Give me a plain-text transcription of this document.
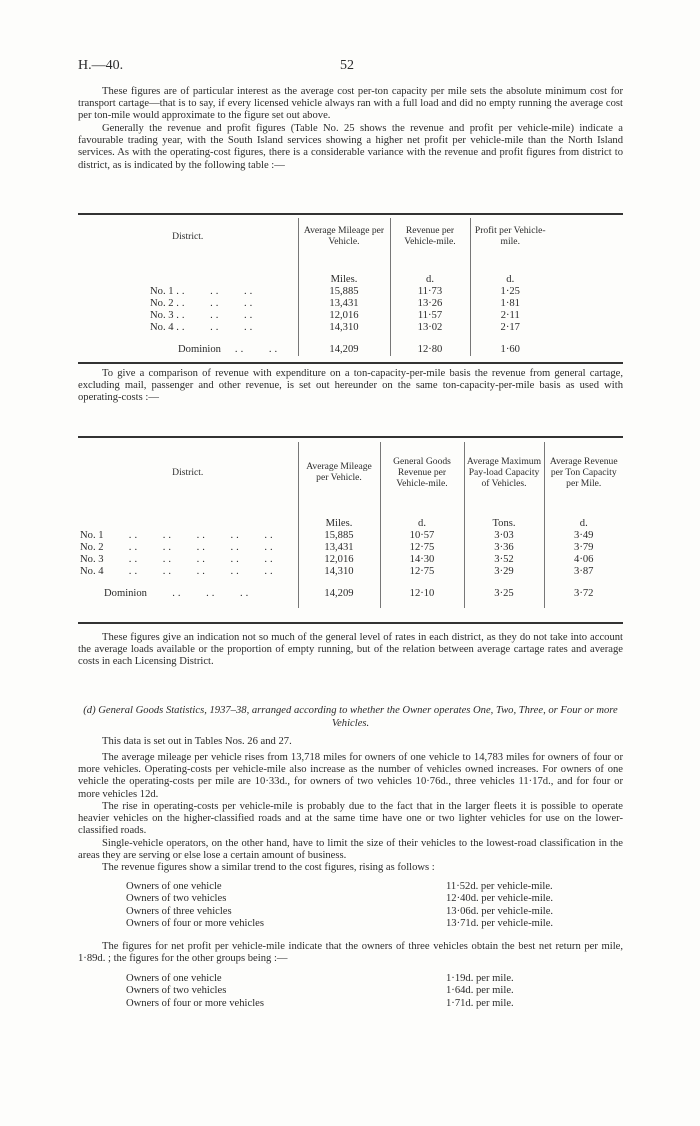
H.—40.	52

These figures are of particular interest as the average cost per-ton capacity per mile sets the absolute minimum cost for transport cartage—that is to say, if every licensed vehicle always ran with a full load and did no empty running the average cost per ton-mile would approximate to the figure set out above.

Generally the revenue and profit figures (Table No. 25 shows the revenue and profit per vehicle-mile) indicate a favourable trading year, with the South Island services showing a higher net profit per vehicle-mile than the North Island services. As with the operating-cost figures, there is a considerable variance with the revenue and profit figures from district to district, as is indicated by the following table :—

District.	Average Mileage per Vehicle.	Revenue per Vehicle-mile.	Profit per Vehicle-mile.	

	Miles.	d.	d.	
No. 1 ..    ..    ..	15,885	11·73	1·25	
No. 2 ..    ..    ..	13,431	13·26	1·81	
No. 3 ..    ..    ..	12,016	11·57	2·11	
No. 4 ..    ..    ..	14,310	13·02	2·17	

Dominion   ..    ..	14,209	12·80	1·60	

To give a comparison of revenue with expenditure on a ton-capacity-per-mile basis the revenue from general cartage, excluding mail, passenger and other revenue, is set out hereunder on the same ton-capacity-per-mile basis as used with operating-costs :—

District.	Average Mileage per Vehicle.	General Goods Revenue per Vehicle-mile.	Average Maximum Pay-load Capacity of Vehicles.	Average Revenue per Ton Capacity per Mile.

	Miles.	d.	Tons.	d.
No. 1     ..    ..    ..    ..    ..	15,885	10·57	3·03	3·49
No. 2     ..    ..    ..    ..    ..	13,431	12·75	3·36	3·79
No. 3     ..    ..    ..    ..    ..	12,016	14·30	3·52	4·06
No. 4     ..    ..    ..    ..    ..	14,310	12·75	3·29	3·87

Dominion     ..    ..    ..	14,209	12·10	3·25	3·72

These figures give an indication not so much of the general level of rates in each district, as they do not take into account the average loads available or the proportion of empty running, but of the relation between average cartage rates and average costs in each Licensing District.

(d) General Goods Statistics, 1937–38, arranged according to whether the Owner operates One, Two, Three, or Four or more Vehicles.

This data is set out in Tables Nos. 26 and 27.

The average mileage per vehicle rises from 13,718 miles for owners of one vehicle to 14,783 miles for owners of four or more vehicles. Operating-costs per vehicle-mile also increase as the number of vehicles owned increases. For owners of one vehicle the operating-costs per mile are 10·33d., for owners of two vehicles 10·76d., three vehicles 11·17d., and for four or more vehicles 12d.

The rise in operating-costs per vehicle-mile is probably due to the fact that in the larger fleets it is possible to operate heavier vehicles on the higher-classified roads and at the same time have one or two lighter vehicles for use on the lower-classified roads.

Single-vehicle operators, on the other hand, have to limit the size of their vehicles to the lowest-road classification in the areas they are serving or else lose a certain amount of business.

The revenue figures show a similar trend to the cost figures, rising as follows :

Owners of one vehicle	11·52d. per vehicle-mile.
Owners of two vehicles	12·40d. per vehicle-mile.
Owners of three vehicles	13·06d. per vehicle-mile.
Owners of four or more vehicles	13·71d. per vehicle-mile.

The figures for net profit per vehicle-mile indicate that the owners of three vehicles obtain the best net return per mile, 1·89d. ; the figures for the other groups being :—

Owners of one vehicle	1·19d. per mile.
Owners of two vehicles	1·64d. per mile.
Owners of four or more vehicles	1·71d. per mile.
